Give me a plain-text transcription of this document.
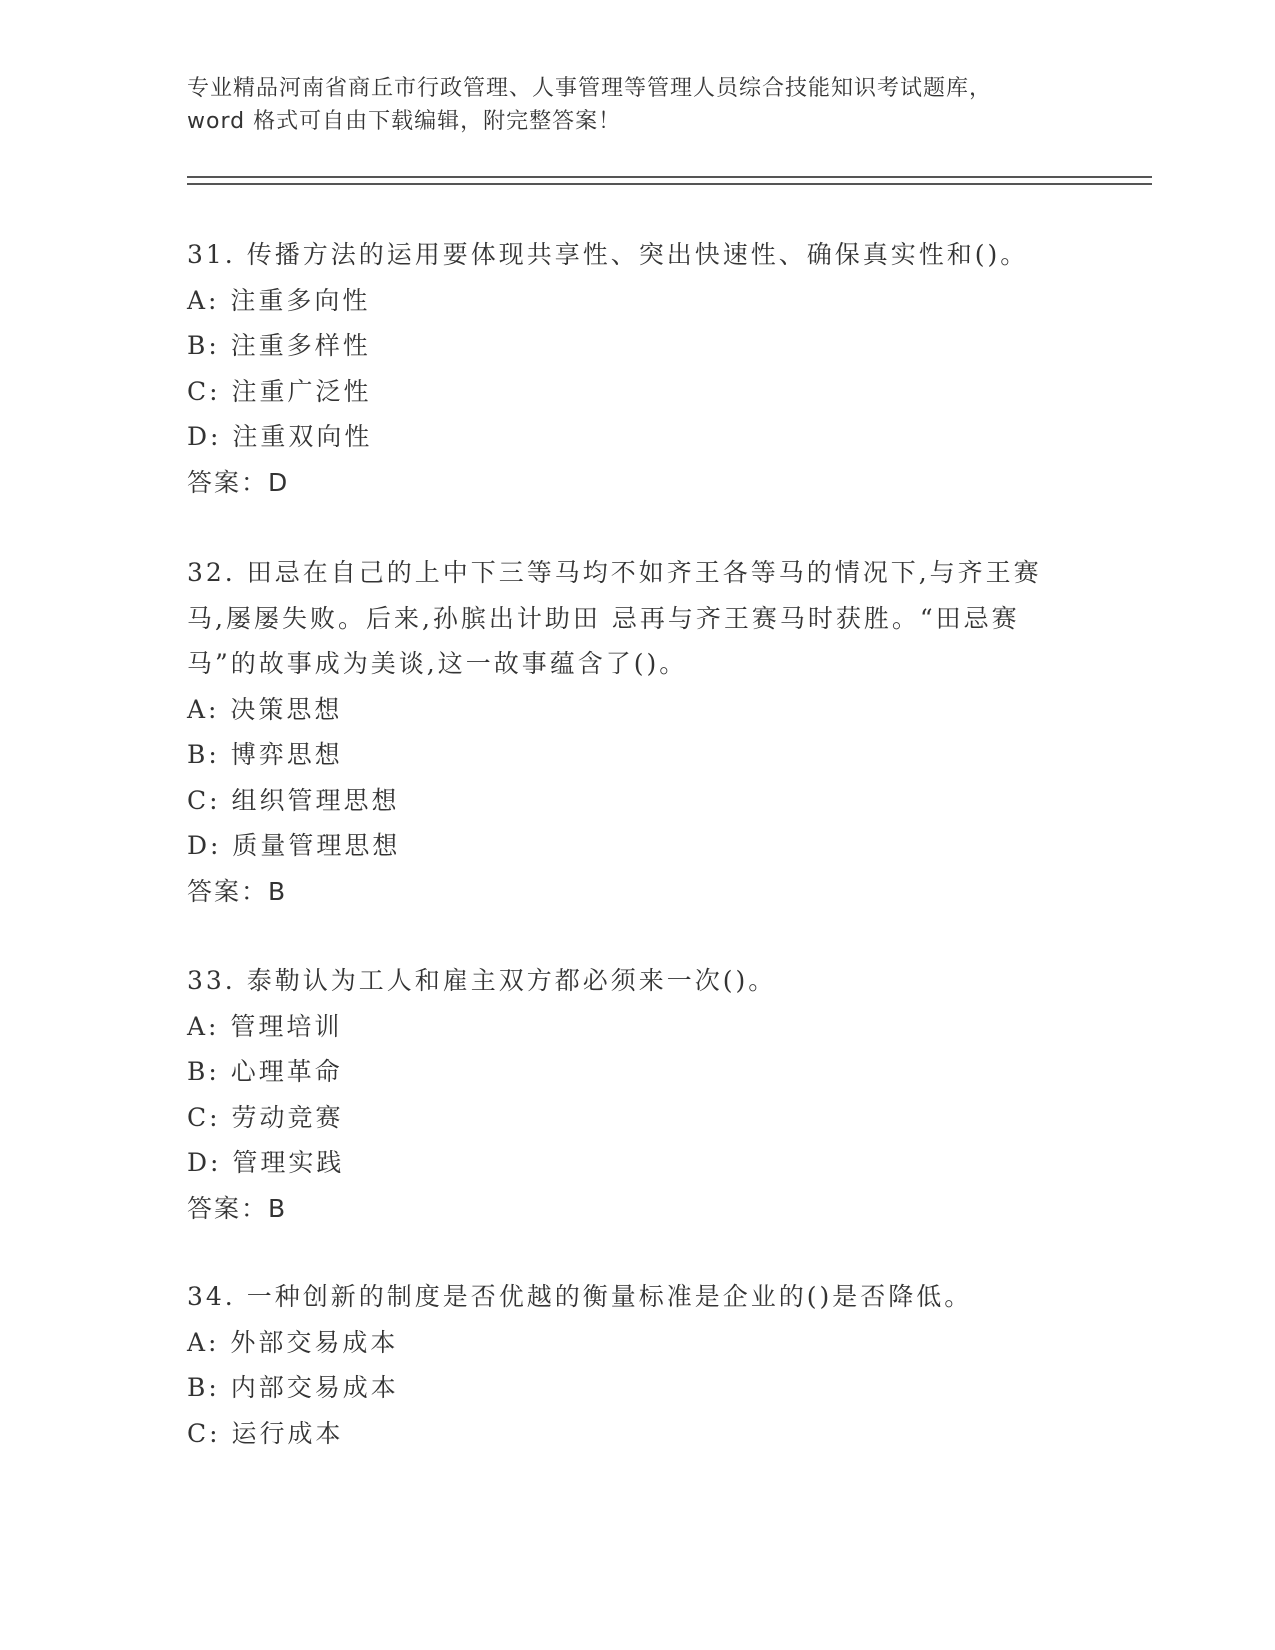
专业精品河南省商丘市行政管理、人事管理等管理人员综合技能知识考试题库，
word 格式可自由下载编辑，附完整答案！
31. 传播方法的运用要体现共享性、突出快速性、确保真实性和()。
A: 注重多向性
B: 注重多样性
C: 注重广泛性
D: 注重双向性
答案：D
32. 田忌在自己的上中下三等马均不如齐王各等马的情况下,与齐王赛
马,屡屡失败。后来,孙膑出计助田 忌再与齐王赛马时获胜。“田忌赛
马”的故事成为美谈,这一故事蕴含了()。
A: 决策思想
B: 博弈思想
C: 组织管理思想
D: 质量管理思想
答案：B
33. 泰勒认为工人和雇主双方都必须来一次()。
A: 管理培训
B: 心理革命
C: 劳动竞赛
D: 管理实践
答案：B
34. 一种创新的制度是否优越的衡量标准是企业的()是否降低。
A: 外部交易成本
B: 内部交易成本
C: 运行成本
